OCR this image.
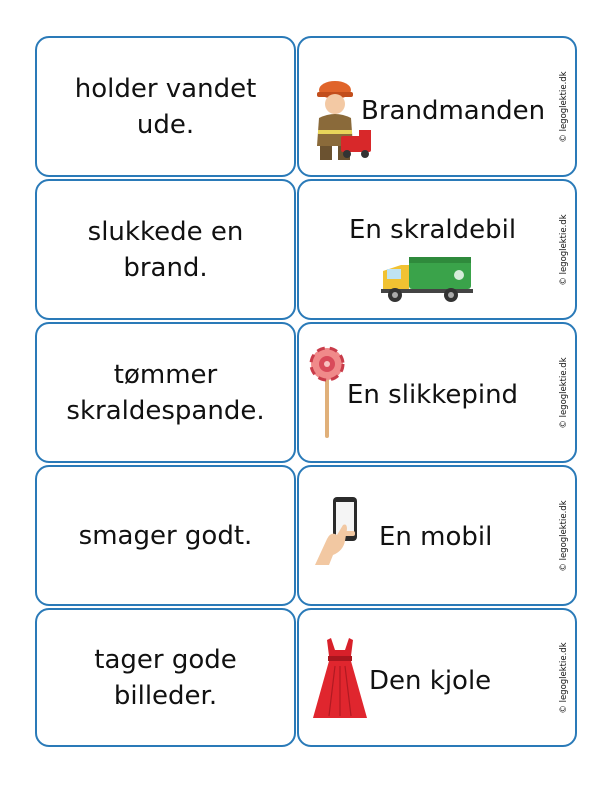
holder vandet
ude.	Brandmanden © legoglektie.dk
slukkede en
brand.
En skraldebil	© legoglektie.dk
tømmer
skraldespande.
En slikkepind	© legoglektie.dk
smager godt.	En mobil	© legoglektie.dk
tager gode
billeder.	Den kjole	© legoglektie.dk
